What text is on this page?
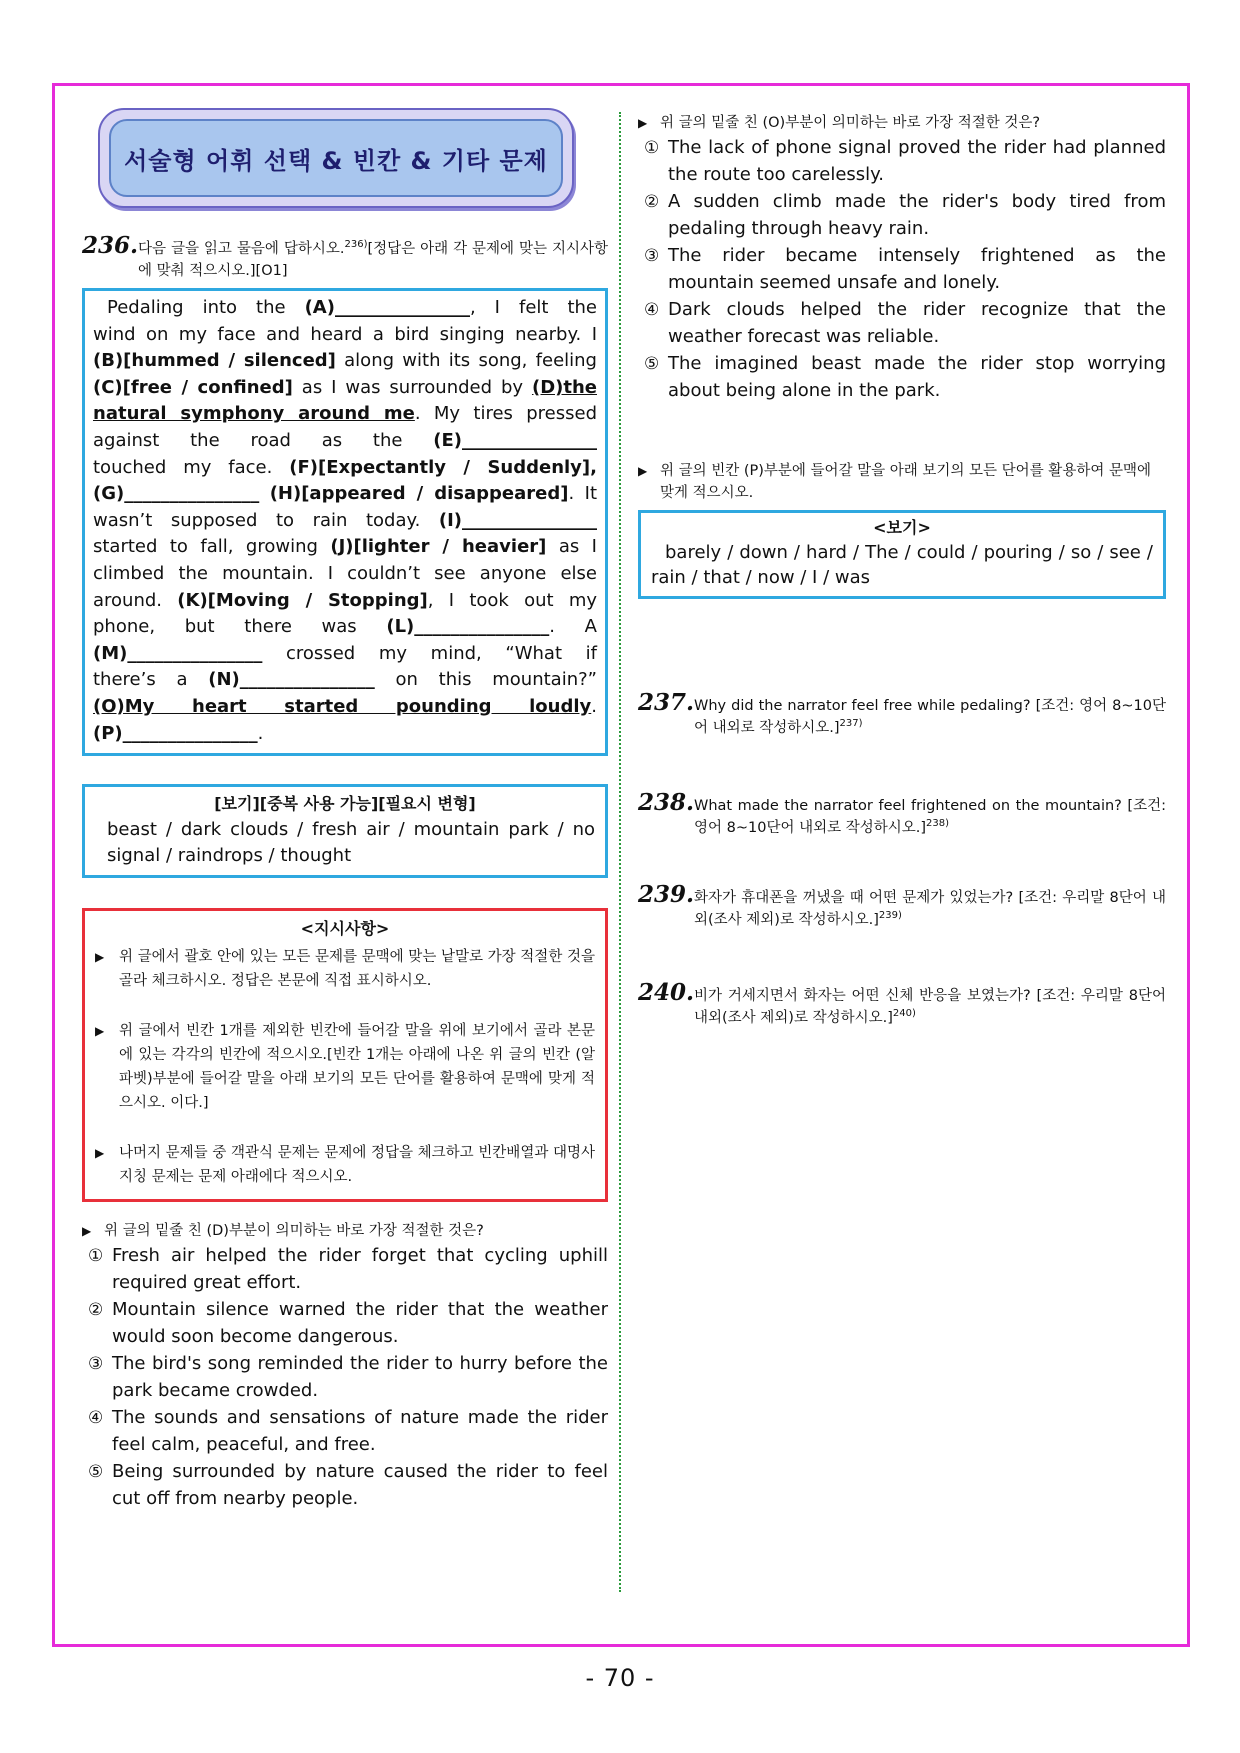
서술형 어휘 선택 & 빈칸 & 기타 문제
236. 다음 글을 읽고 물음에 답하시오.$^{236)}$[정답은 아래 각 문제에 맞는 지시사항에 맞춰 적으시오.][O1]
Pedaling into the (A)_______________, I felt the
wind on my face and heard a bird singing nearby. I
(B)[hummed / silenced] along with its song, feeling
(C)[free / confined] as I was surrounded by (D)the
natural symphony around me. My tires pressed
against the road as the (E)_______________
touched my face. (F)[Expectantly / Suddenly],
(G)_______________ (H)[appeared / disappeared]. It
wasn’t supposed to rain today. (I)_______________
started to fall, growing (J)[lighter / heavier] as I
climbed the mountain. I couldn’t see anyone else
around. (K)[Moving / Stopping], I took out my
phone, but there was (L)_______________. A
(M)_______________ crossed my mind, “What if
there’s a (N)_______________ on this mountain?”
(O)My heart started pounding loudly.
(P)_______________.
[보기][중복 사용 가능][필요시 변형]
beast / dark clouds / fresh air / mountain park / no signal / raindrops / thought
<지시사항>
▶ 위 글에서 괄호 안에 있는 모든 문제를 문맥에 맞는 낱말로 가장 적절한 것을 골라 체크하시오. 정답은 본문에 직접 표시하시오.
▶ 위 글에서 빈칸 1개를 제외한 빈칸에 들어갈 말을 위에 보기에서 골라 본문에 있는 각각의 빈칸에 적으시오.[빈칸 1개는 아래에 나온 위 글의 빈칸 (알파벳)부분에 들어갈 말을 아래 보기의 모든 단어를 활용하여 문맥에 맞게 적으시오. 이다.]
▶ 나머지 문제들 중 객관식 문제는 문제에 정답을 체크하고 빈칸배열과 대명사 지칭 문제는 문제 아래에다 적으시오.
▶ 위 글의 밑줄 친 (D)부분이 의미하는 바로 가장 적절한 것은?
① Fresh air helped the rider forget that cycling uphill required great effort.
② Mountain silence warned the rider that the weather would soon become dangerous.
③ The bird's song reminded the rider to hurry before the park became crowded.
④ The sounds and sensations of nature made the rider feel calm, peaceful, and free.
⑤ Being surrounded by nature caused the rider to feel cut off from nearby people.
▶ 위 글의 밑줄 친 (O)부분이 의미하는 바로 가장 적절한 것은?
① The lack of phone signal proved the rider had planned the route too carelessly.
② A sudden climb made the rider's body tired from pedaling through heavy rain.
③ The rider became intensely frightened as the mountain seemed unsafe and lonely.
④ Dark clouds helped the rider recognize that the weather forecast was reliable.
⑤ The imagined beast made the rider stop worrying about being alone in the park.
▶ 위 글의 빈칸 (P)부분에 들어갈 말을 아래 보기의 모든 단어를 활용하여 문맥에 맞게 적으시오.
<보기>
barely / down / hard / The / could / pouring / so / see / rain / that / now / I / was
237. Why did the narrator feel free while pedaling? [조건: 영어 8~10단어 내외로 작성하시오.]$^{237)}$
238. What made the narrator feel frightened on the mountain? [조건: 영어 8~10단어 내외로 작성하시오.]$^{238)}$
239. 화자가 휴대폰을 꺼냈을 때 어떤 문제가 있었는가? [조건: 우리말 8단어 내외(조사 제외)로 작성하시오.]$^{239)}$
240. 비가 거세지면서 화자는 어떤 신체 반응을 보였는가? [조건: 우리말 8단어 내외(조사 제외)로 작성하시오.]$^{240)}$
- 70 -
